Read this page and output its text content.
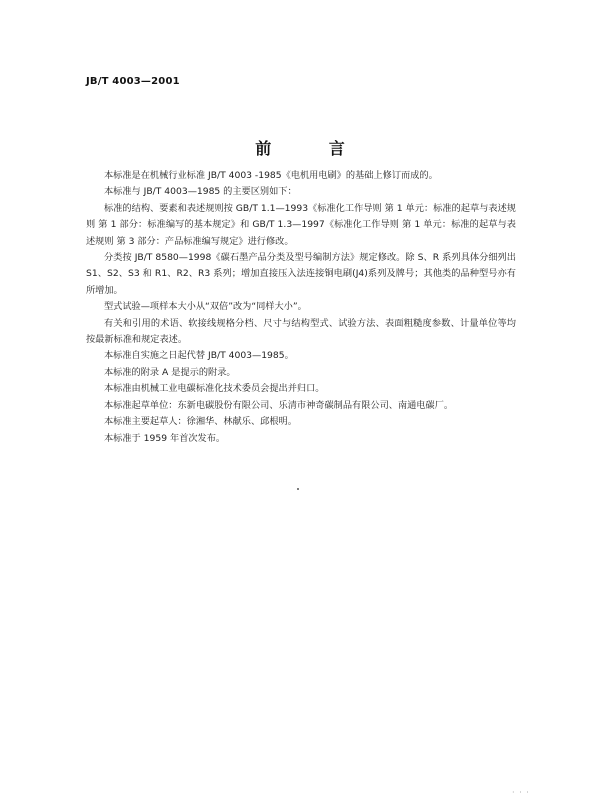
JB/T 4003—2001
前 言

本标准是在机械行业标准 JB/T 4003 -1985《电机用电刷》的基础上修订而成的。

本标准与 JB/T 4003—1985 的主要区别如下：

标准的结构、要素和表述规则按 GB/T 1.1—1993《标准化工作导则 第 1 单元：标准的起草与表述规则 第 1 部分：标准编写的基本规定》和 GB/T 1.3—1997《标准化工作导则 第 1 单元：标准的起草与表述规则 第 3 部分：产品标准编写规定》进行修改。

分类按 JB/T 8580—1998《碳石墨产品分类及型号编制方法》规定修改。除 S、R 系列具体分细列出 S1、S2、S3 和 R1、R2、R3 系列；增加直接压入法连接铜电刷(J4)系列及牌号；其他类的品种型号亦有所增加。

型式试验—项样本大小从“双倍”改为“同样大小”。

有关和引用的术语、软接线规格分档、尺寸与结构型式、试验方法、表面粗糙度参数、计量单位等均按最新标准和规定表述。

本标准自实施之日起代替 JB/T 4003—1985。

本标准的附录 A 是提示的附录。

本标准由机械工业电碳标准化技术委员会提出并归口。

本标准起草单位：东新电碳股份有限公司、乐清市神奇碳制品有限公司、南通电碳厂。

本标准主要起草人：徐湘华、林献乐、邱根明。

本标准于 1959 年首次发布。

· · ·
